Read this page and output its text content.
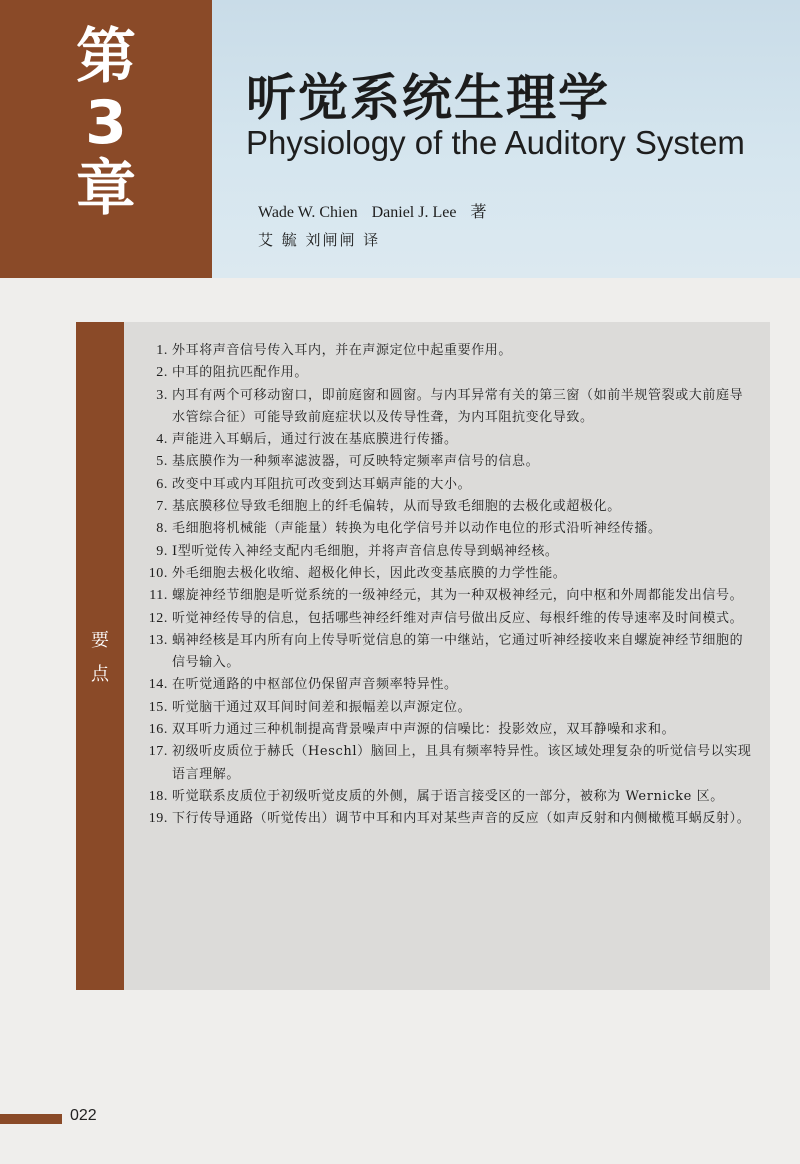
第
3
章
听觉系统生理学
Physiology of the Auditory System
Wade W. Chien Daniel J. Lee 著
艾 毓 刘闸闸 译
要
点
1. 外耳将声音信号传入耳内，并在声源定位中起重要作用。
2. 中耳的阻抗匹配作用。
3. 内耳有两个可移动窗口，即前庭窗和圆窗。与内耳异常有关的第三窗（如前半规管裂或大前庭导水管综合征）可能导致前庭症状以及传导性聋，为内耳阻抗变化导致。
4. 声能进入耳蜗后，通过行波在基底膜进行传播。
5. 基底膜作为一种频率滤波器，可反映特定频率声信号的信息。
6. 改变中耳或内耳阻抗可改变到达耳蜗声能的大小。
7. 基底膜移位导致毛细胞上的纤毛偏转，从而导致毛细胞的去极化或超极化。
8. 毛细胞将机械能（声能量）转换为电化学信号并以动作电位的形式沿听神经传播。
9. Ⅰ型听觉传入神经支配内毛细胞，并将声音信息传导到蜗神经核。
10. 外毛细胞去极化收缩、超极化伸长，因此改变基底膜的力学性能。
11. 螺旋神经节细胞是听觉系统的一级神经元，其为一种双极神经元，向中枢和外周都能发出信号。
12. 听觉神经传导的信息，包括哪些神经纤维对声信号做出反应、每根纤维的传导速率及时间模式。
13. 蜗神经核是耳内所有向上传导听觉信息的第一中继站，它通过听神经接收来自螺旋神经节细胞的信号输入。
14. 在听觉通路的中枢部位仍保留声音频率特异性。
15. 听觉脑干通过双耳间时间差和振幅差以声源定位。
16. 双耳听力通过三种机制提高背景噪声中声源的信噪比：投影效应，双耳静噪和求和。
17. 初级听皮质位于赫氏（Heschl）脑回上，且具有频率特异性。该区域处理复杂的听觉信号以实现语言理解。
18. 听觉联系皮质位于初级听觉皮质的外侧，属于语言接受区的一部分，被称为 Wernicke 区。
19. 下行传导通路（听觉传出）调节中耳和内耳对某些声音的反应（如声反射和内侧橄榄耳蜗反射）。
022
